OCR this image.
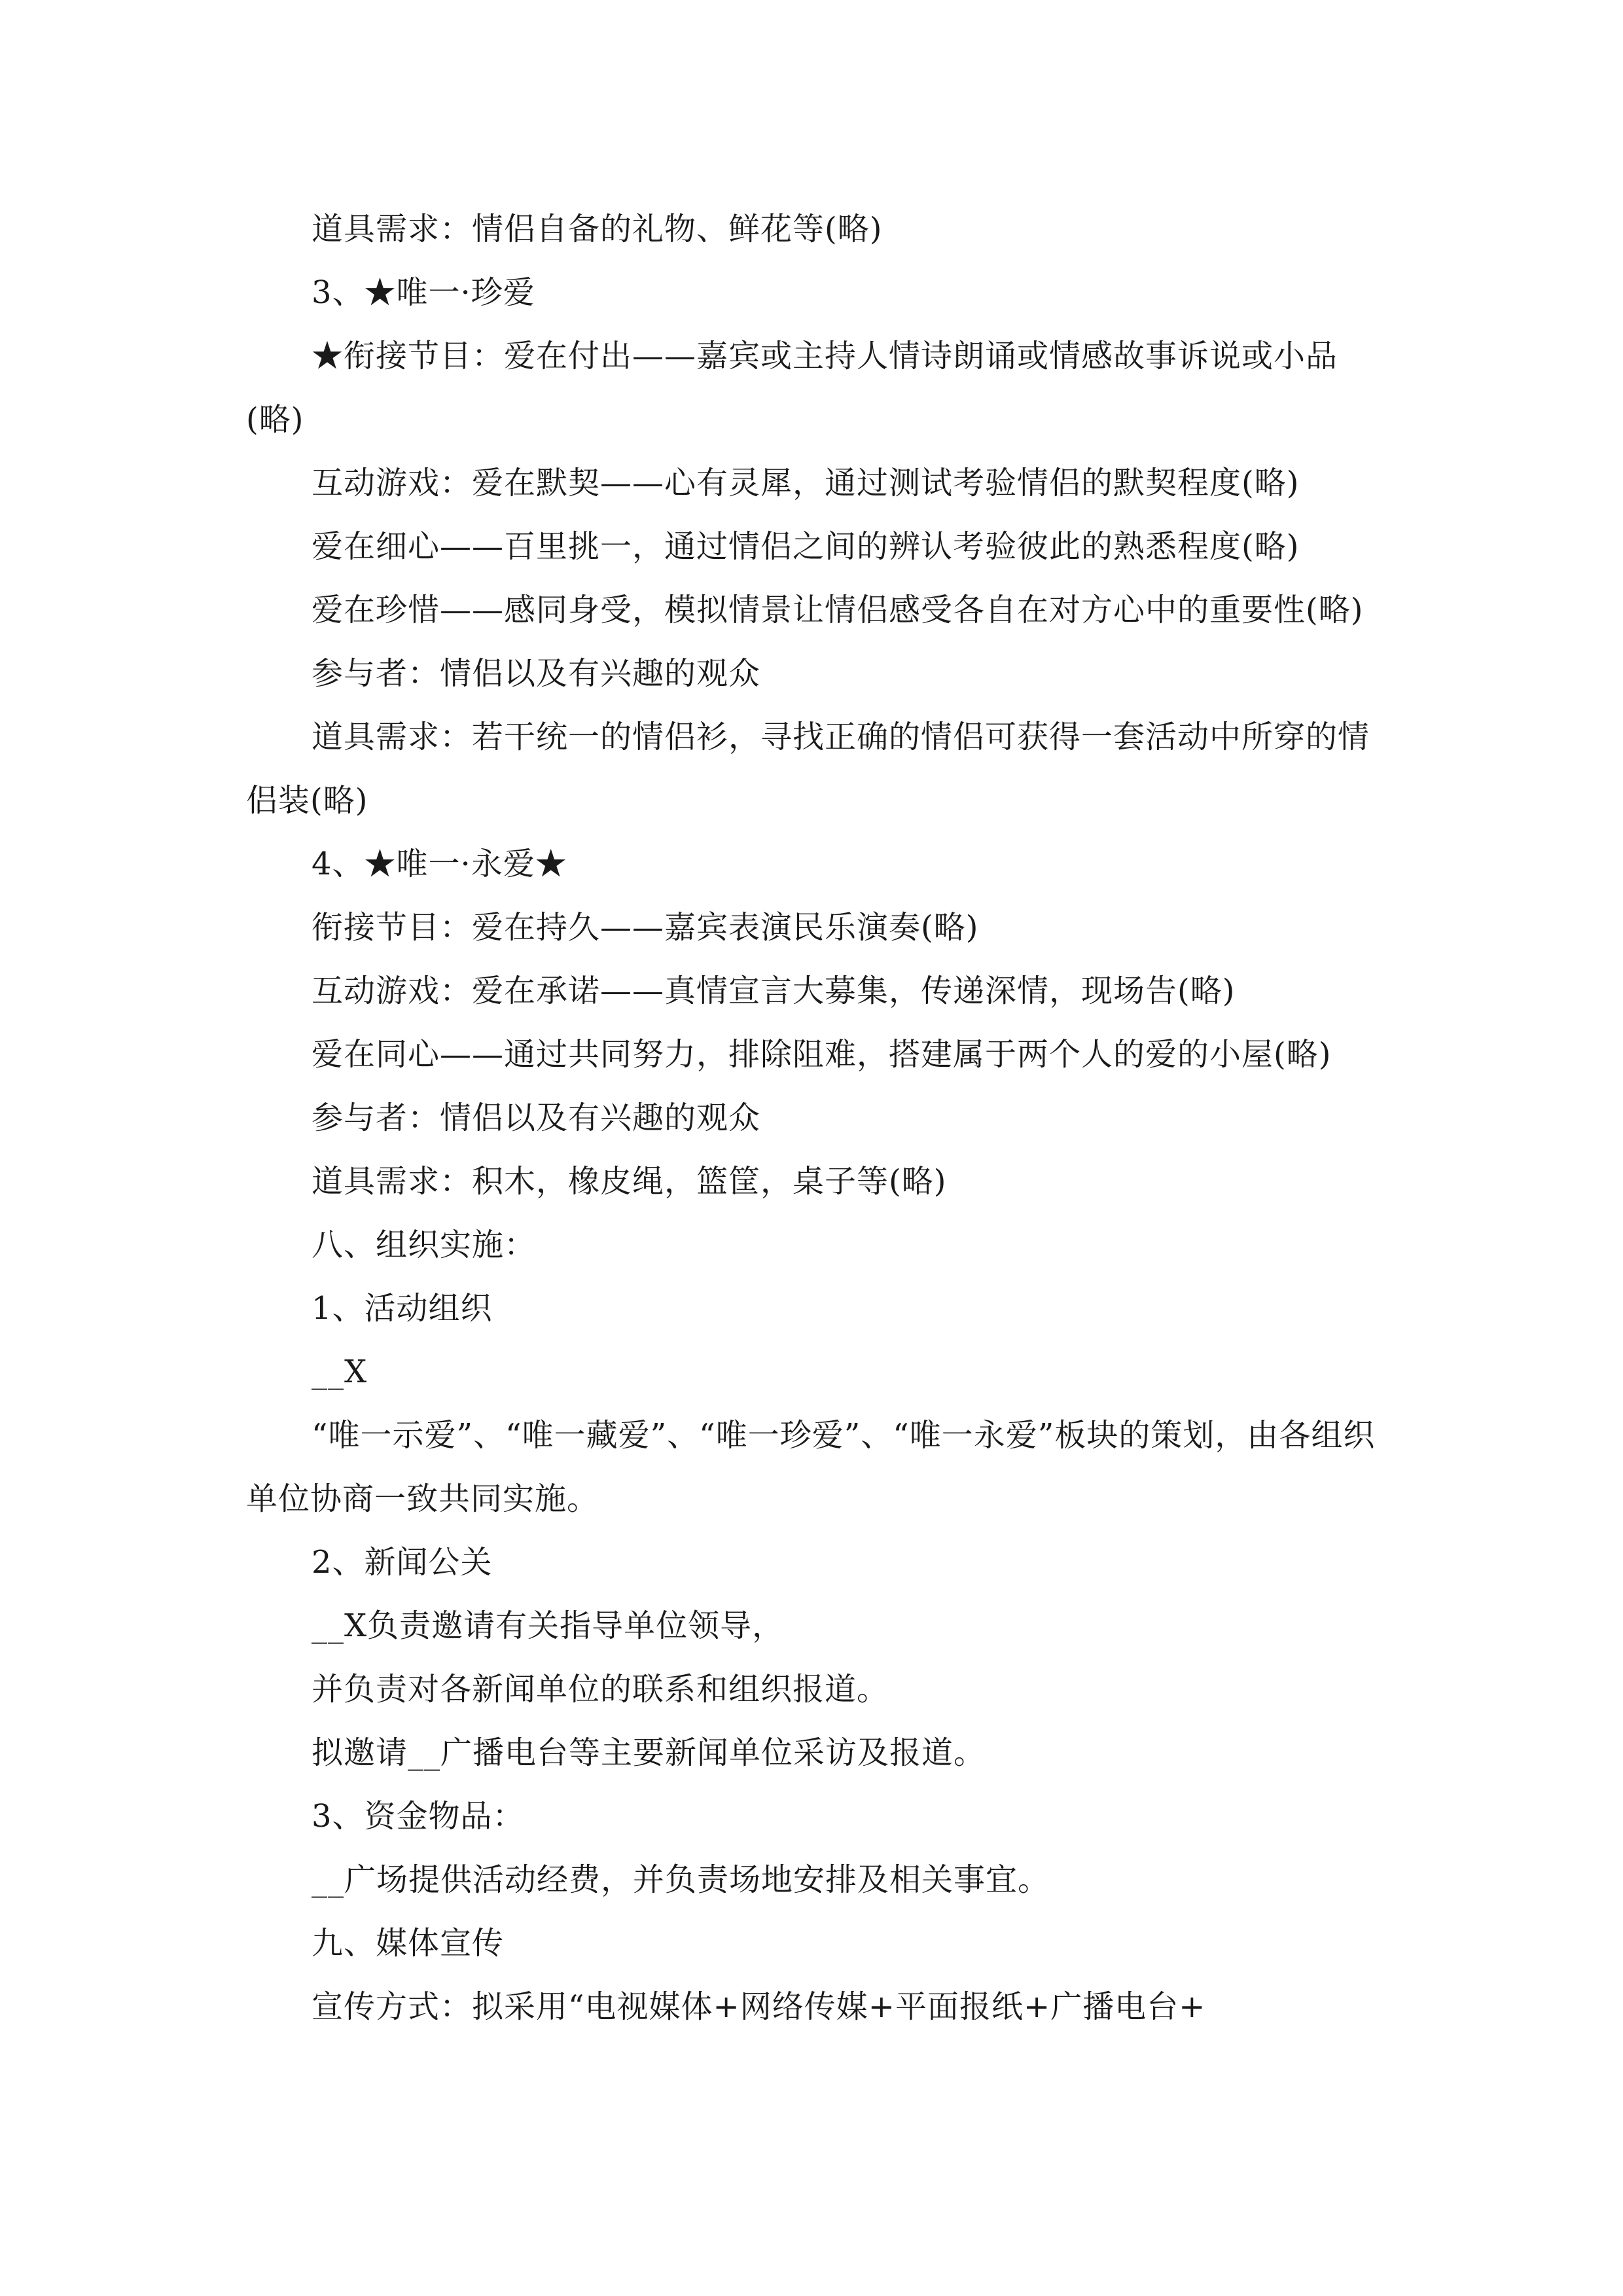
道具需求：情侣自备的礼物、鲜花等(略)

3、★唯一·珍爱

★衔接节目：爱在付出——嘉宾或主持人情诗朗诵或情感故事诉说或小品(略)

互动游戏：爱在默契——心有灵犀，通过测试考验情侣的默契程度(略)

爱在细心——百里挑一，通过情侣之间的辨认考验彼此的熟悉程度(略)

爱在珍惜——感同身受，模拟情景让情侣感受各自在对方心中的重要性(略)

参与者：情侣以及有兴趣的观众

道具需求：若干统一的情侣衫，寻找正确的情侣可获得一套活动中所穿的情侣装(略)

4、★唯一·永爱★

衔接节目：爱在持久——嘉宾表演民乐演奏(略)

互动游戏：爱在承诺——真情宣言大募集，传递深情，现场告(略)

爱在同心——通过共同努力，排除阻难，搭建属于两个人的爱的小屋(略)

参与者：情侣以及有兴趣的观众

道具需求：积木，橡皮绳，篮筐，桌子等(略)

八、组织实施：

1、活动组织

__X

“唯一示爱”、“唯一藏爱”、“唯一珍爱”、“唯一永爱”板块的策划，由各组织单位协商一致共同实施。

2、新闻公关

__X负责邀请有关指导单位领导，

并负责对各新闻单位的联系和组织报道。

拟邀请__广播电台等主要新闻单位采访及报道。

3、资金物品：

__广场提供活动经费，并负责场地安排及相关事宜。

九、媒体宣传

宣传方式：拟采用“电视媒体+网络传媒+平面报纸+广播电台+
